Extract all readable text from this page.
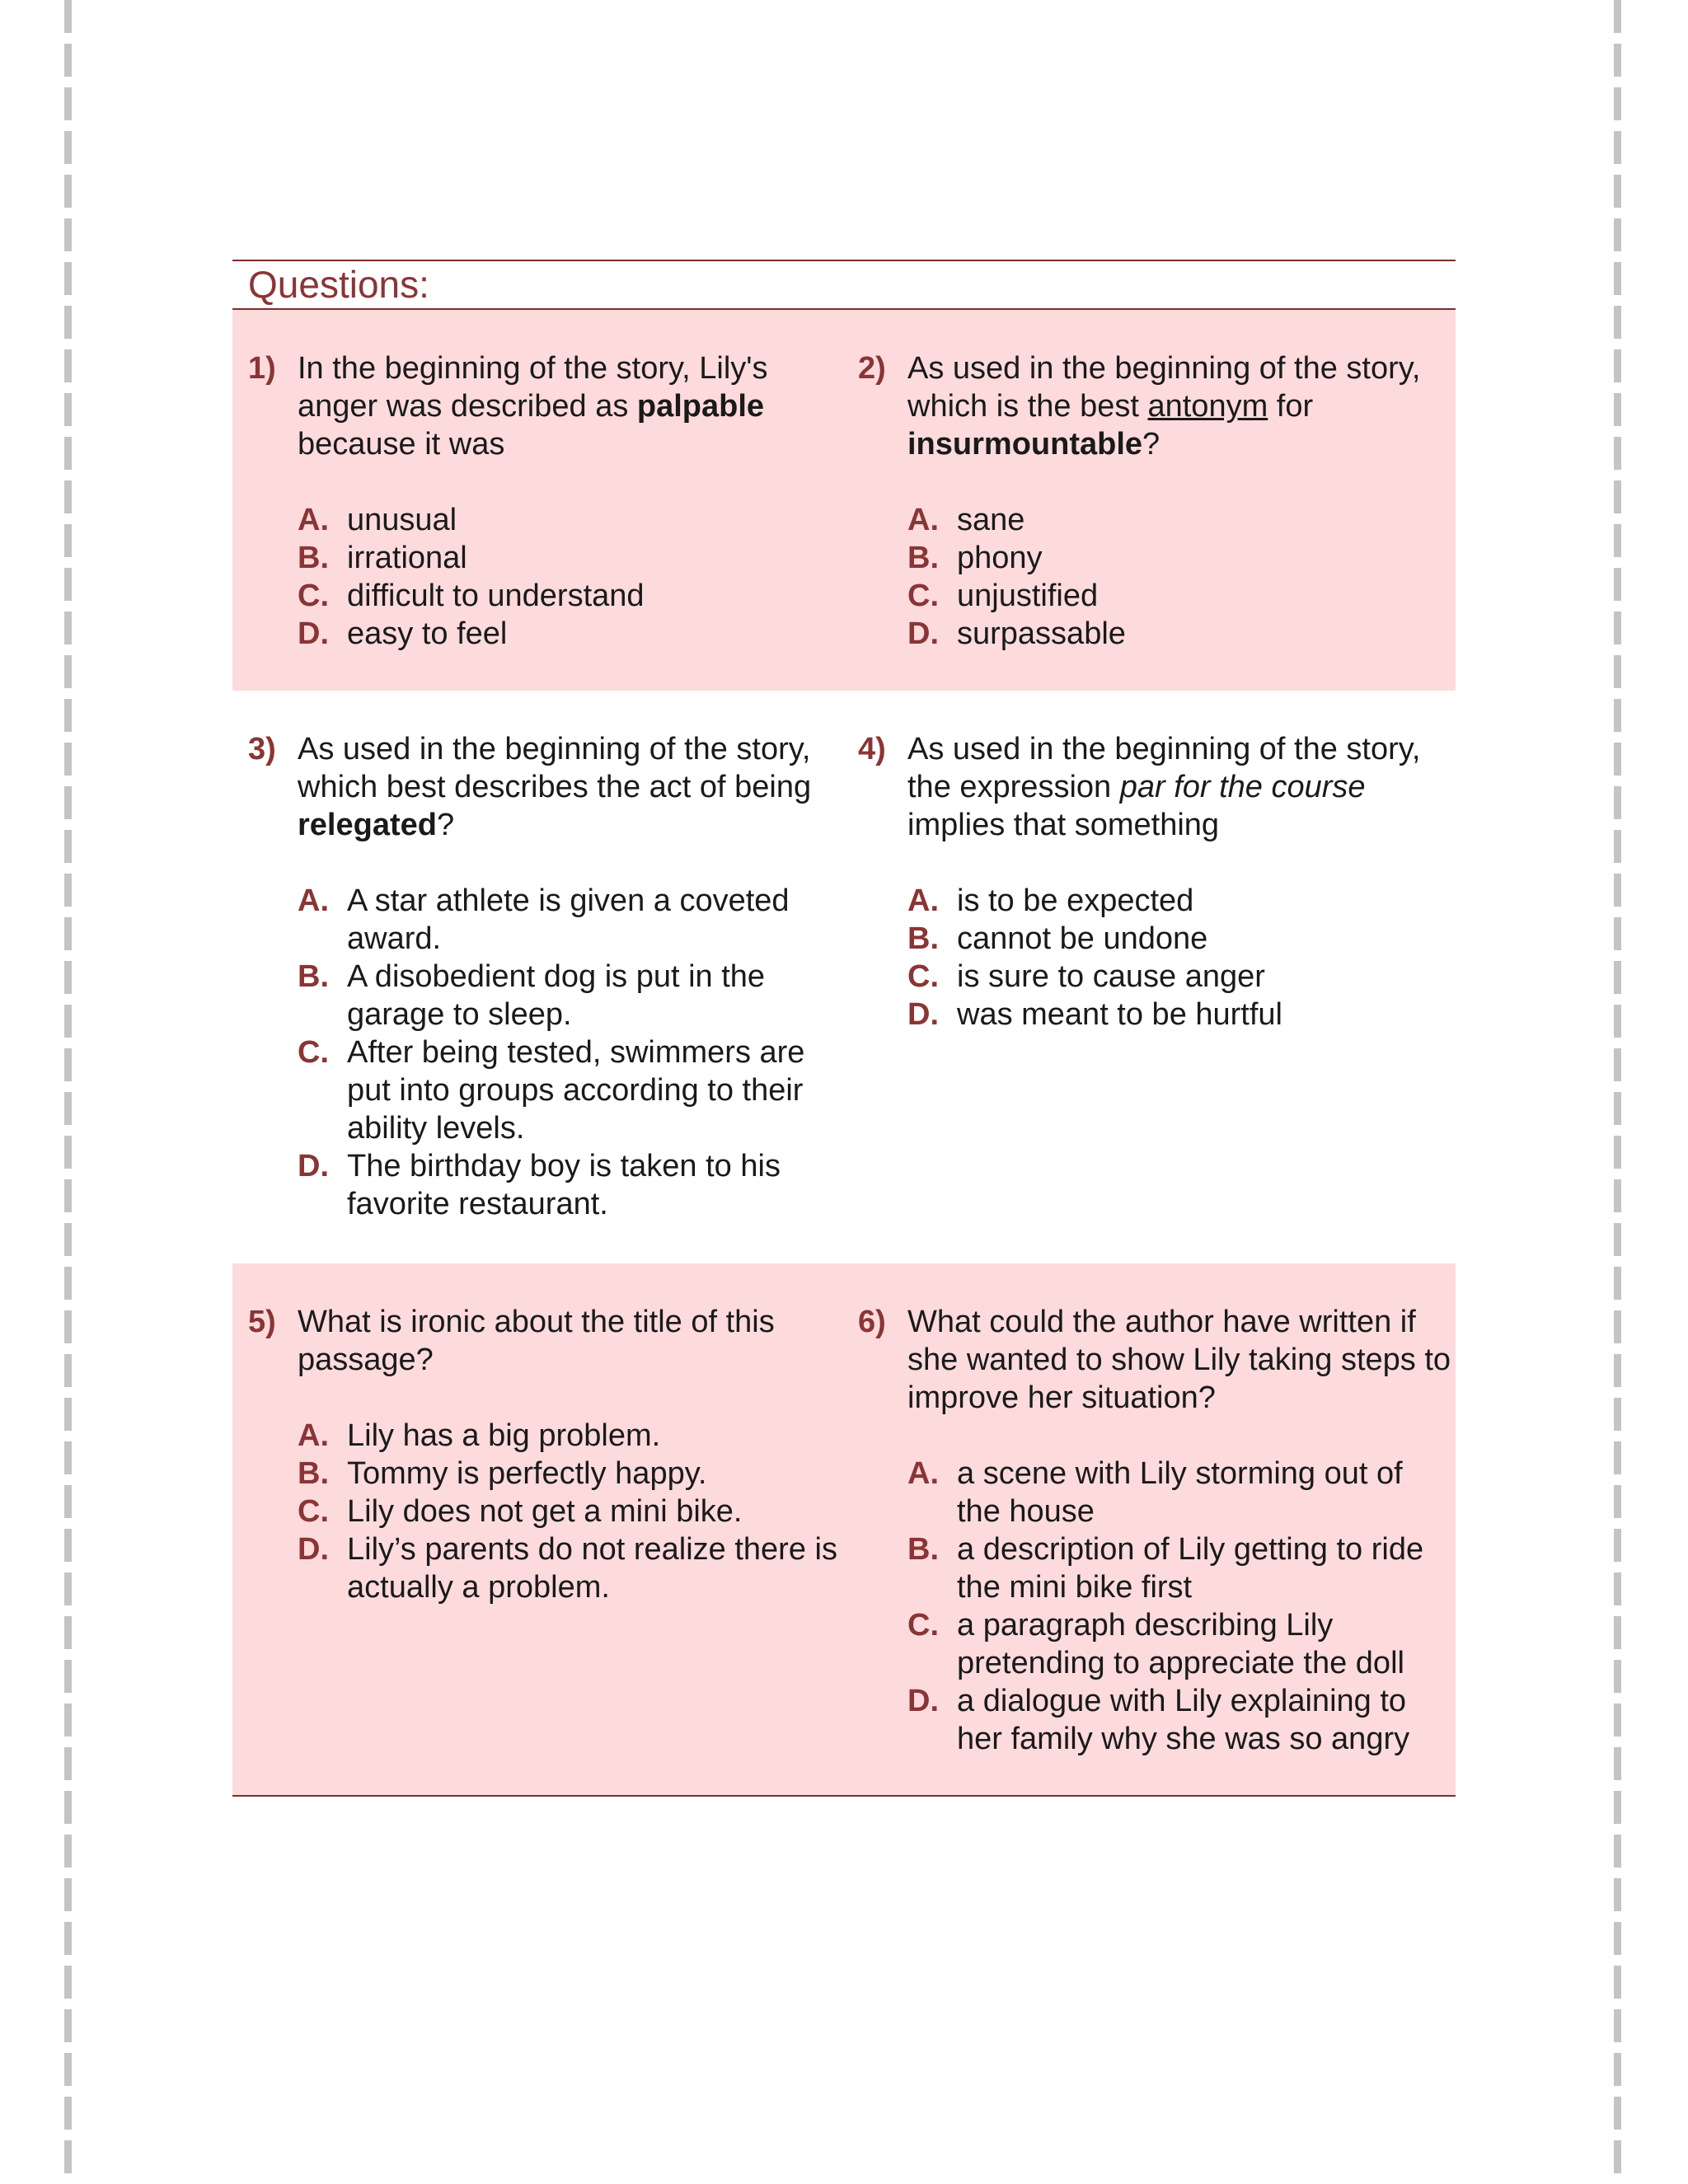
Questions:
1) In the beginning of the story, Lily's anger was described as palpable because it was
A. unusual
B. irrational
C. difficult to understand
D. easy to feel
2) As used in the beginning of the story, which is the best antonym for insurmountable?
A. sane
B. phony
C. unjustified
D. surpassable
3) As used in the beginning of the story, which best describes the act of being relegated?
A. A star athlete is given a coveted award.
B. A disobedient dog is put in the garage to sleep.
C. After being tested, swimmers are put into groups according to their ability levels.
D. The birthday boy is taken to his favorite restaurant.
4) As used in the beginning of the story, the expression par for the course implies that something
A. is to be expected
B. cannot be undone
C. is sure to cause anger
D. was meant to be hurtful
5) What is ironic about the title of this passage?
A. Lily has a big problem.
B. Tommy is perfectly happy.
C. Lily does not get a mini bike.
D. Lily’s parents do not realize there is actually a problem.
6) What could the author have written if she wanted to show Lily taking steps to improve her situation?
A. a scene with Lily storming out of the house
B. a description of Lily getting to ride the mini bike first
C. a paragraph describing Lily pretending to appreciate the doll
D. a dialogue with Lily explaining to her family why she was so angry
